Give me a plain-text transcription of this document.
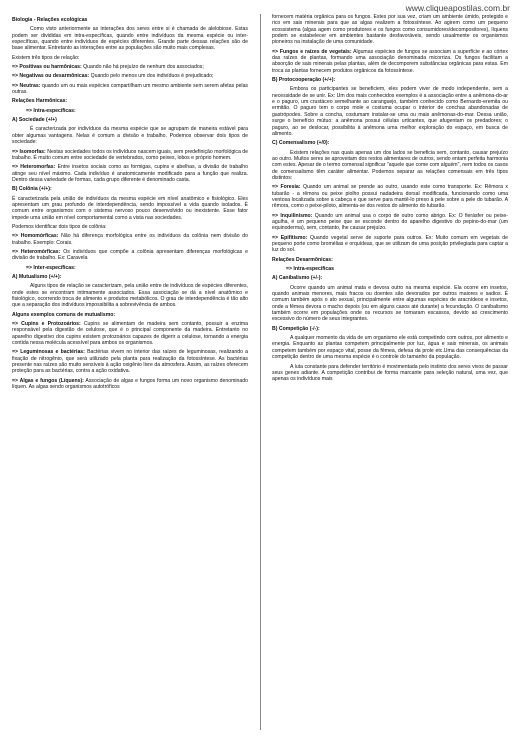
www.cliqueapostilas.com.br

Biologia - Relações ecológicas

Como visto anteriormente as interações dos seres entre si é chamada de alelobiose. Estas podem ser divididas em intra-específicas, quando entre indivíduos da mesma espécie ou inter-específicas, quando entre indivíduos de espécies diferentes. Grande parte dessas relações são de base alimentar. Entretanto as interações entre as populações são muito mais complexas.

Existem três tipos de relação:

=> Positivas ou harmônicas: Quando não há prejuízo de nenhum dos associados;

=> Negativas ou desarmônicas: Quando pelo menos um dos indivíduos é prejudicado;

=> Neutras: quando um ou mais espécies compartilham um mesmo ambiente sem serem afetas pelas outras.

Relações Harmônicas:

=> Intra-específicas:

A) Sociedade (+/+)

É caracterizada por indivíduos da mesma espécie que se agrupam de maneira estável para obter algumas vantagens. Nelas é comum a divisão e trabalho. Podemos observar dois tipos de sociedade:

=> Isomorfas: Nestas sociedades todos os indivíduos nascem iguais, sem predefinição morfológica de trabalho. É muito comum entre sociedade de vertebrados, como peixes, lobos e próprio homem.

=> Heteromorfas: Entre insetos sociais como as formigas, cupins e abelhas, a divisão de trabalho atinge seu nível máximo. Cada indivíduo é anatomicamente modificado para a função que realiza. Dentro dessa variedade de formas, cada grupo diferente é denominado casta.

B) Colônia (+/+):

É caracterizada pela união de indivíduos da mesma espécie em nível anatômico e fisiológico. Eles apresentam um grau profundo de interdependência, sendo impossível a vida quando isolados. É comum entre organismos com o sistema nervoso pouco desenvolvido ou inexistente. Esse fator impede uma união em nível comportamental como a vista nas sociedades.

Podemos identificar dois tipos de colônia:

=> Homomórficas: Não há diferença morfológica entre os indivíduos da colônia nem divisão do trabalho. Exemplo: Corais.

=> Heteromórficas: Os indivíduos que compõe a colônia apresentam diferenças morfológicas e divisão de trabalho. Ex: Caravela

=> Inter-específicas:

A) Mutualismo (+/+):

Alguns tipos de relação se caracterizam, pela união entre de indivíduos de espécies diferentes, onde estes se encontram intimamente associados. Essa associação se dá a nível anatômico e fisiológico, ocorrendo troca de alimento e produtos metabólicos. O grau de interdependência é tão alto que a separação dos indivíduos impossibilita a sobrevivência de ambos.

Alguns exemplos comuns de mutualismo:

=> Cupins e Protozoários: Cupins se alimentam de madeira sem contanto, possuir a enzima responsável pela digestão de celulose, que é o principal componente da madeira. Entretanto no aparelho digestivo dos cupins existem protozoários capazes de digerir a celulose, tornando a energia contida nessa molécula acessível para ambos os organismos.

=> Leguminosas e bactérias: Bactérias vivem no interior das raízes de leguminosas, realizando a fixação de nitrogênio, que será utilizado pela planta para realização da fotossíntese. As bactérias presente nas raízes são muito sensíveis à ação oxigênio livre da atmosfera. Assim, as raízes oferecem proteção para as bactérias, contra a ação oxidativa.

=> Algas e fungos (Líquens): Associação de algas e fungos forma um novo organismo denominado líquen. As algas sendo organismos autotróficos

fornecem matéria orgânica para os fungos. Estes por sua vez, criam um ambiente úmido, protegido e rico em sais minerais para que as algas realizem a fotossíntese. Ao agirem como um pequeno ecossistema (algas agem como produtores e os fungos como consumidores/decompositores), líquens podem se estabelecer em ambientes bastante desfavoráveis, sendo usualmente os organismos pioneiros na instalação de uma comunidade.

=> Fungos e raízes de vegetais: Algumas espécies de fungos se associam a superfície e ao córtex das raízes de plantas, formando uma associação denominada micorriza. Os fungos facilitam a absorção de sais minerais pelas plantas, além de decomporem substâncias orgânicas para estas. Em troca as plantas fornecem produtos orgânicos da fotossíntese.

B) Protocooperação (+/+):

Embora os participantes se beneficiem, eles podem viver de modo independente, sem a necessidade de se unir. Ex: Um dos mais conhecidos exemplos é a associação entre a anêmona-do-ar e o paguro, um crustáceo semelhante ao caranguejo, também conhecido como Bernardo-eremita ou ermitão. O paguro tem o corpo mole e costuma ocupar o interior de conchas abandonadas de gastrópodes. Sobre a concha, costumam instalar-se uma ou mais anêmonas-do-mar. Dessa união, surge o benefício mútuo: a anêmona possui células urticantes, que afugentam os predadores; o paguro, ao se deslocar, possibilita à anêmona uma melhor exploração do espaço, em busca de alimento.

C) Comensalismo (+/0):

Existem relações nas quais apenas um dos lados se beneficia sem, contanto, causar prejuízo ao outro. Muitos seres se aproveitam dos restos alimentares de outros, sendo entam perfeita harmonia com estes. Apesar de o termo comensal significar "aquele que come com alguém", nem todos os casos de comensalismo têm caráter alimentar. Podemos separar as relações comensais em três tipos distintos:

=> Foresia: Quando um animal se prende ao outro, usando este como transporte. Ex: Rêmora x tubarão - a rêmora ou peixe piolho possui nadadeira dorsal modificada, funcionando como uma ventosa localizada sobre a cabeça e que serve para mantê-lo preso à pele sobre a pele do tubarão. A rêmora, como o peixe-piloto, alimenta-se dos restos do alimento do tubarão.

=> Inquilinismo: Quando um animal usa o corpo de outro como abrigo. Ex: O fierásfer ou peixe-agulha, é um pequeno peixe que se esconde dentro do aparelho digestivo do pepino-do-mar (um equinoderma), sem, contanto, lhe causar prejuízo.

=> Epifitismo: Quando vegetal serve de suporte para outros. Ex: Muito comum em vegetais de pequeno porte como bromélias e orquídeas, que se utilizam de uma posição privilegiada para captar a luz do sol.

Relações Desarmônicas:

=> Intra-especificas

A) Canibalismo (+/-):

Ocorre quando um animal mata e devora outro na mesma espécie. Ela ocorre em insetos, quando animais menores, mais fracos ou doentes são devorados por outros maiores e sadios. É comum também após o ato sexual, principalmente entre algumas espécies de aracnídeos e insetos, onde a fêmea devora o macho depois (ou em alguns casos até durante) a fecundação. O canibalismo também ocorre em populações onde os recursos se tornaram escassos, devido ao crescimento excessivo do número de seus integrantes.

B) Competição (-/-):

A qualquer momento da vida de um organismo ele está competindo com outros, por alimento e energia. Enquanto as plantas competem principalmente por luz, água e sais minerais, os animais competem também por espaço vital, posse da fêmea, defesa da prole etc.Uma das consequências da competição dentro de uma mesma espécie é o controle do tamanho da população.

A luta constante para defender território é movimentada pelo instinto dos seres vivos de passar seus genes adiante. A competição contribui de forma marcante para seleção natural, uma vez, que apenas os indivíduos mais
